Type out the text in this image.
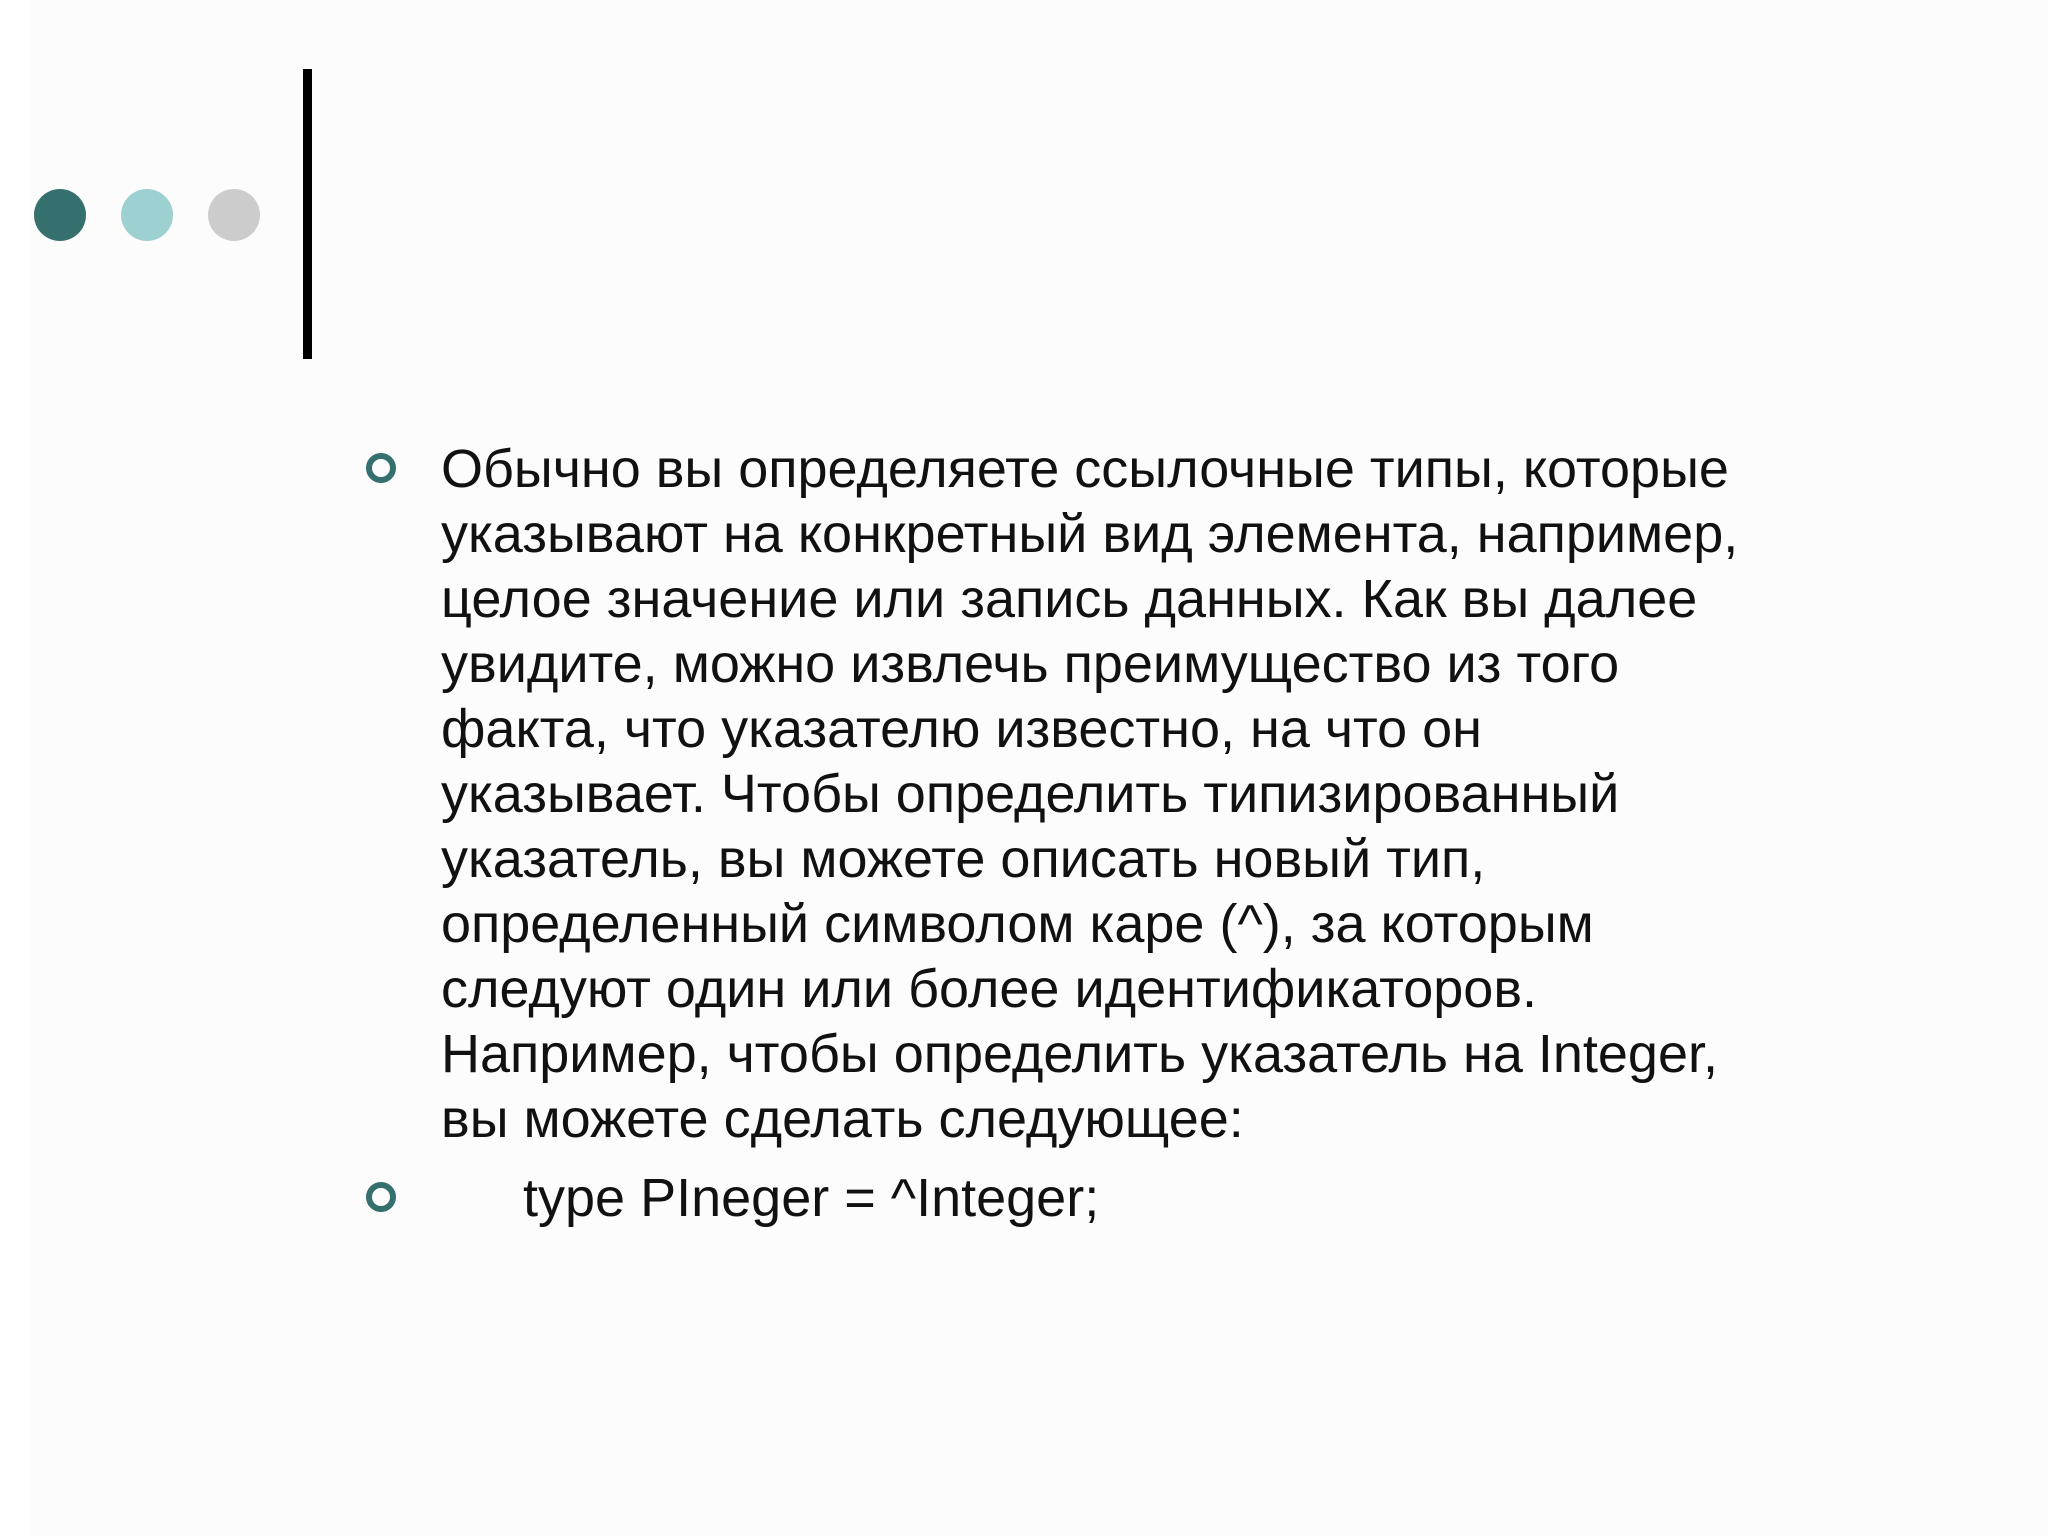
Обычно вы определяете ссылочные типы, которые
указывают на конкретный вид элемента, например,
целое значение или запись данных. Как вы далее
увидите, можно извлечь преимущество из того
факта, что указателю известно, на что он
указывает. Чтобы определить типизированный
указатель, вы можете описать новый тип,
определенный символом каре (^), за которым
следуют один или более идентификаторов.
Например, чтобы определить указатель на Integer,
вы можете сделать следующее:
type PIneger = ^Integer;
